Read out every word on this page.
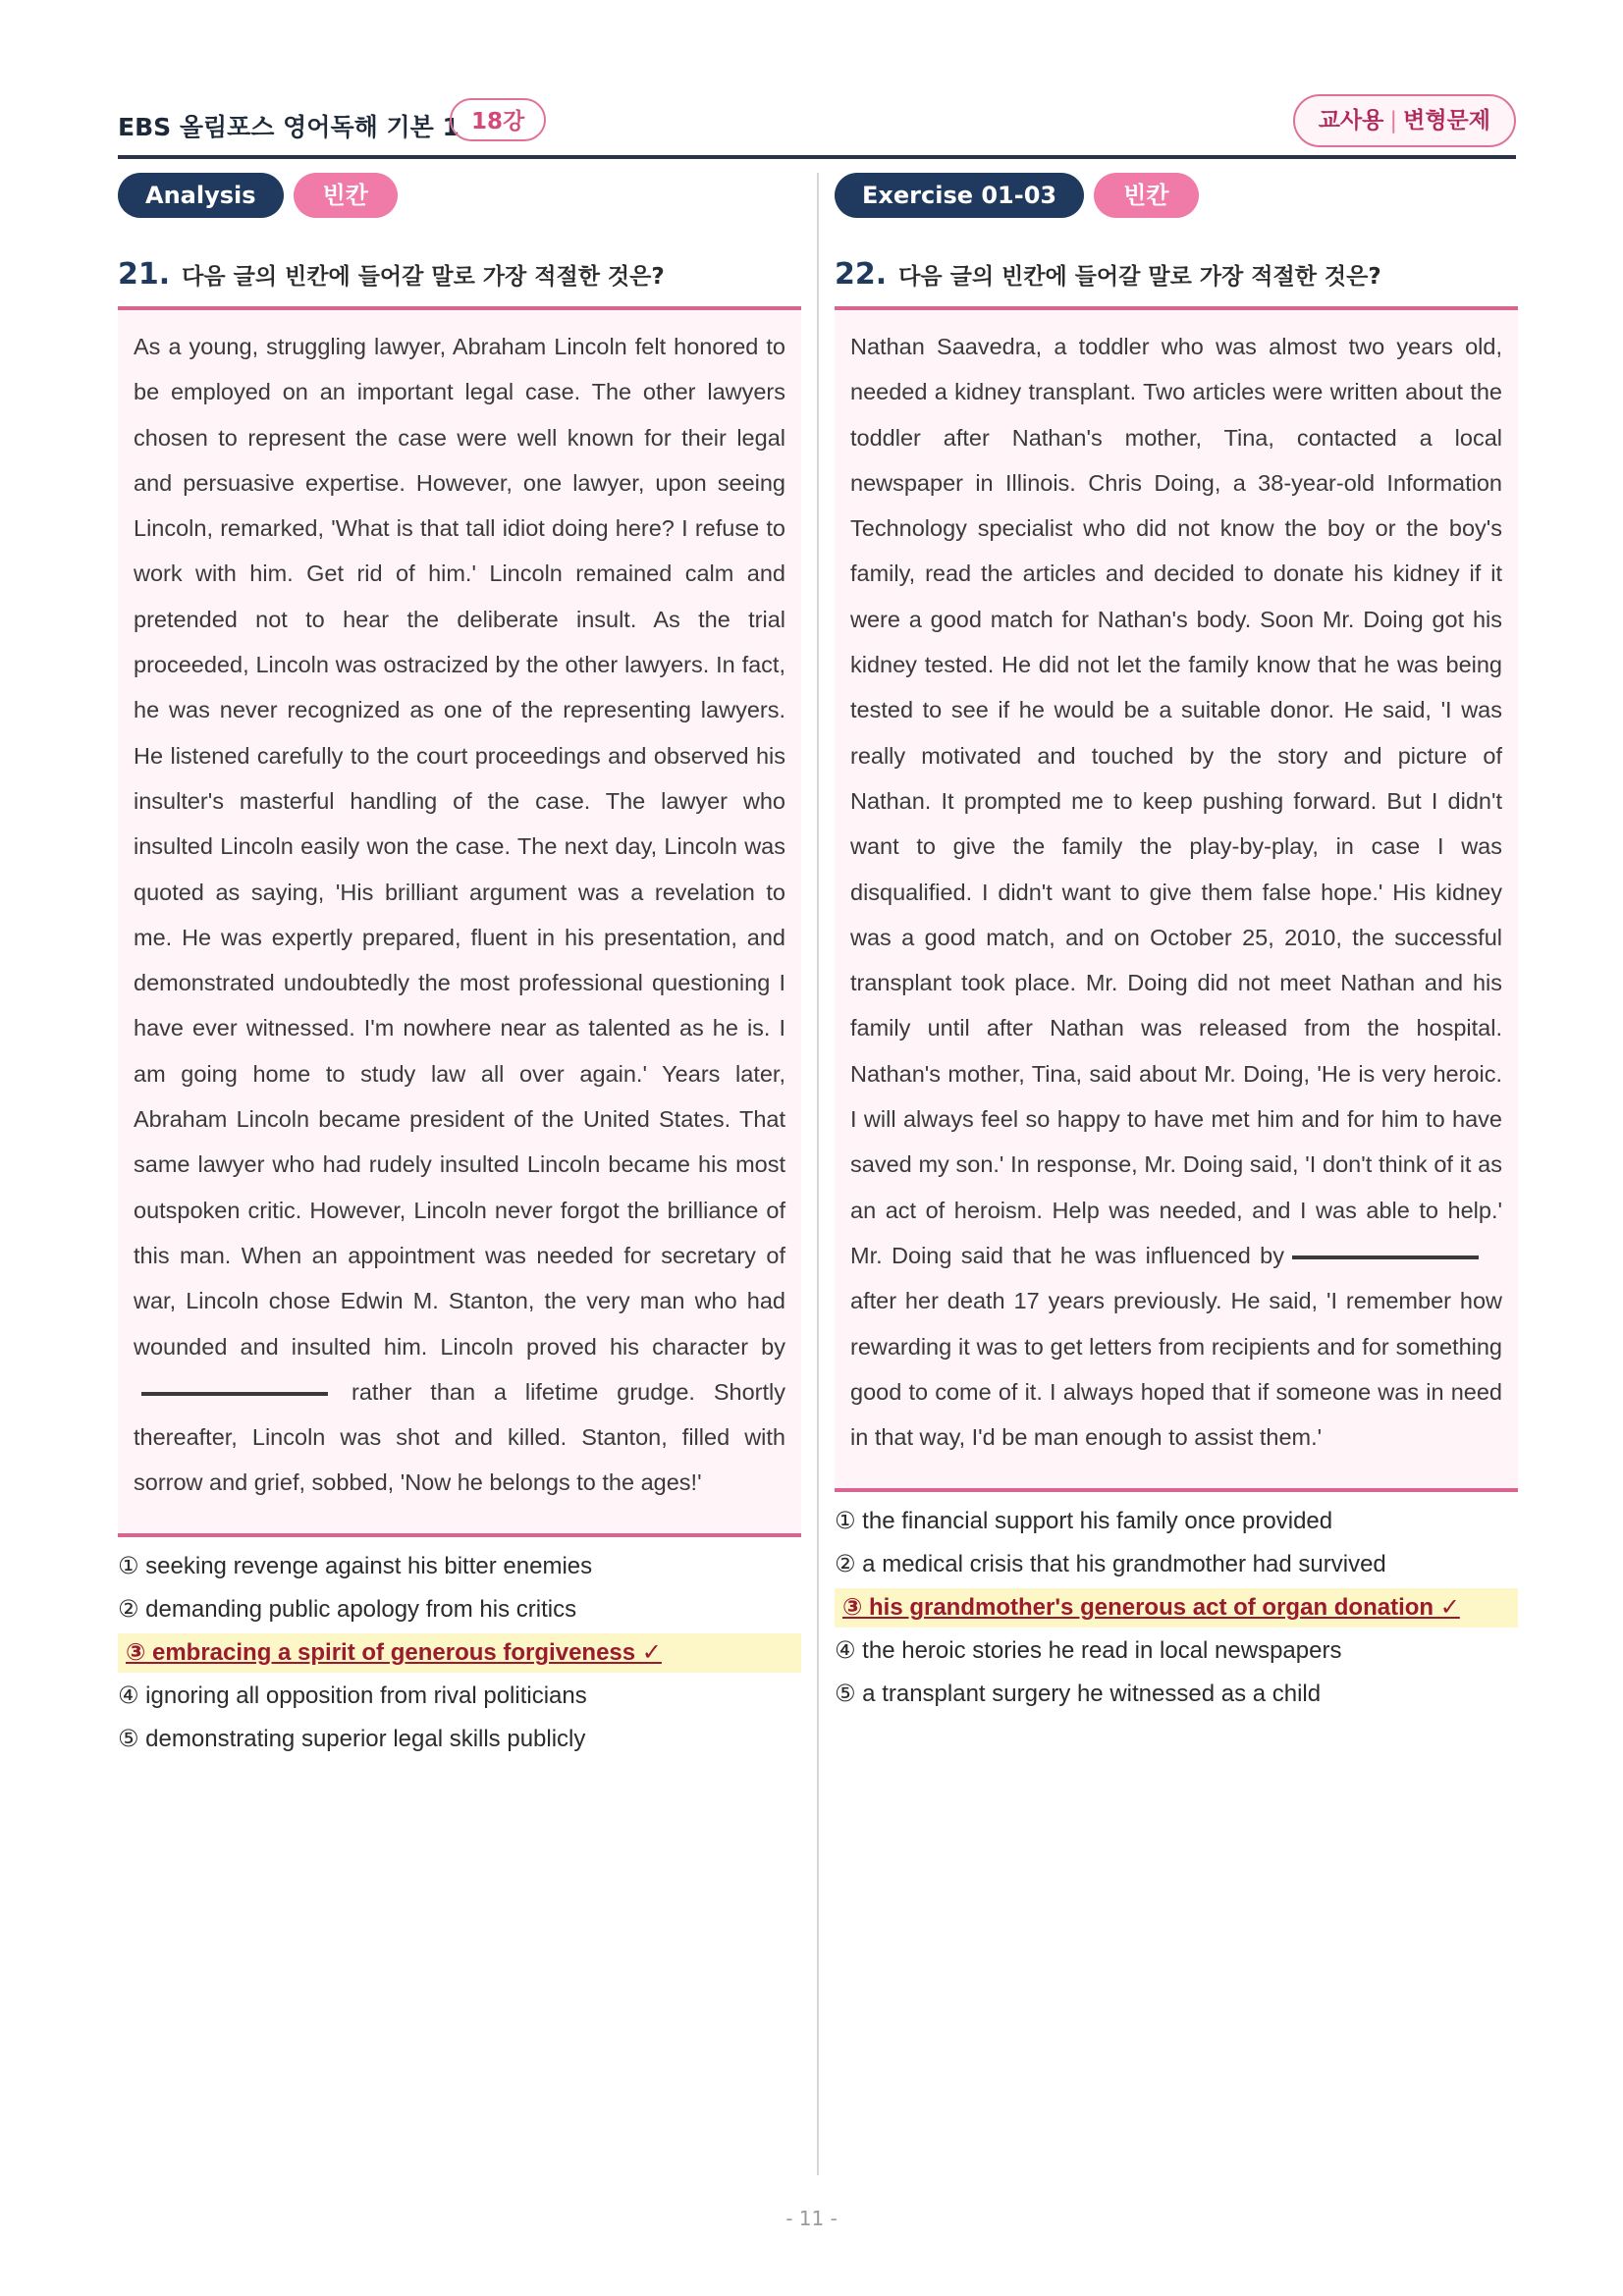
EBS 올림포스 영어독해 기본 1 18강	교사용 | 변형문제
Analysis	빈칸
21. 다음 글의 빈칸에 들어갈 말로 가장 적절한 것은?
As a young, struggling lawyer, Abraham Lincoln felt honored to be employed on an important legal case. The other lawyers chosen to represent the case were well known for their legal and persuasive expertise. However, one lawyer, upon seeing Lincoln, remarked, 'What is that tall idiot doing here? I refuse to work with him. Get rid of him.' Lincoln remained calm and pretended not to hear the deliberate insult. As the trial proceeded, Lincoln was ostracized by the other lawyers. In fact, he was never recognized as one of the representing lawyers. He listened carefully to the court proceedings and observed his insulter's masterful handling of the case. The lawyer who insulted Lincoln easily won the case. The next day, Lincoln was quoted as saying, 'His brilliant argument was a revelation to me. He was expertly prepared, fluent in his presentation, and demonstrated undoubtedly the most professional questioning I have ever witnessed. I'm nowhere near as talented as he is. I am going home to study law all over again.' Years later, Abraham Lincoln became president of the United States. That same lawyer who had rudely insulted Lincoln became his most outspoken critic. However, Lincoln never forgot the brilliance of this man. When an appointment was needed for secretary of war, Lincoln chose Edwin M. Stanton, the very man who had wounded and insulted him. Lincoln proved his character byrather than a lifetime grudge. Shortly thereafter, Lincoln was shot and killed. Stanton, filled with sorrow and grief, sobbed, 'Now he belongs to the ages!'
① seeking revenge against his bitter enemies
② demanding public apology from his critics
③ embracing a spirit of generous forgiveness ✓
④ ignoring all opposition from rival politicians
⑤ demonstrating superior legal skills publicly
Exercise 01-03	빈칸
22. 다음 글의 빈칸에 들어갈 말로 가장 적절한 것은?
Nathan Saavedra, a toddler who was almost two years old, needed a kidney transplant. Two articles were written about the toddler after Nathan's mother, Tina, contacted a local newspaper in Illinois. Chris Doing, a 38-year-old Information Technology specialist who did not know the boy or the boy's family, read the articles and decided to donate his kidney if it were a good match for Nathan's body. Soon Mr. Doing got his kidney tested. He did not let the family know that he was being tested to see if he would be a suitable donor. He said, 'I was really motivated and touched by the story and picture of Nathan. It prompted me to keep pushing forward. But I didn't want to give the family the play-by-play, in case I was disqualified. I didn't want to give them false hope.' His kidney was a good match, and on October 25, 2010, the successful transplant took place. Mr. Doing did not meet Nathan and his family until after Nathan was released from the hospital. Nathan's mother, Tina, said about Mr. Doing, 'He is very heroic. I will always feel so happy to have met him and for him to have saved my son.' In response, Mr. Doing said, 'I don't think of it as an act of heroism. Help was needed, and I was able to help.' Mr. Doing said that he was influenced byafter her death 17 years previously. He said, 'I remember how rewarding it was to get letters from recipients and for something good to come of it. I always hoped that if someone was in need in that way, I'd be man enough to assist them.'
① the financial support his family once provided
② a medical crisis that his grandmother had survived
③ his grandmother's generous act of organ donation ✓
④ the heroic stories he read in local newspapers
⑤ a transplant surgery he witnessed as a child
- 11 -
